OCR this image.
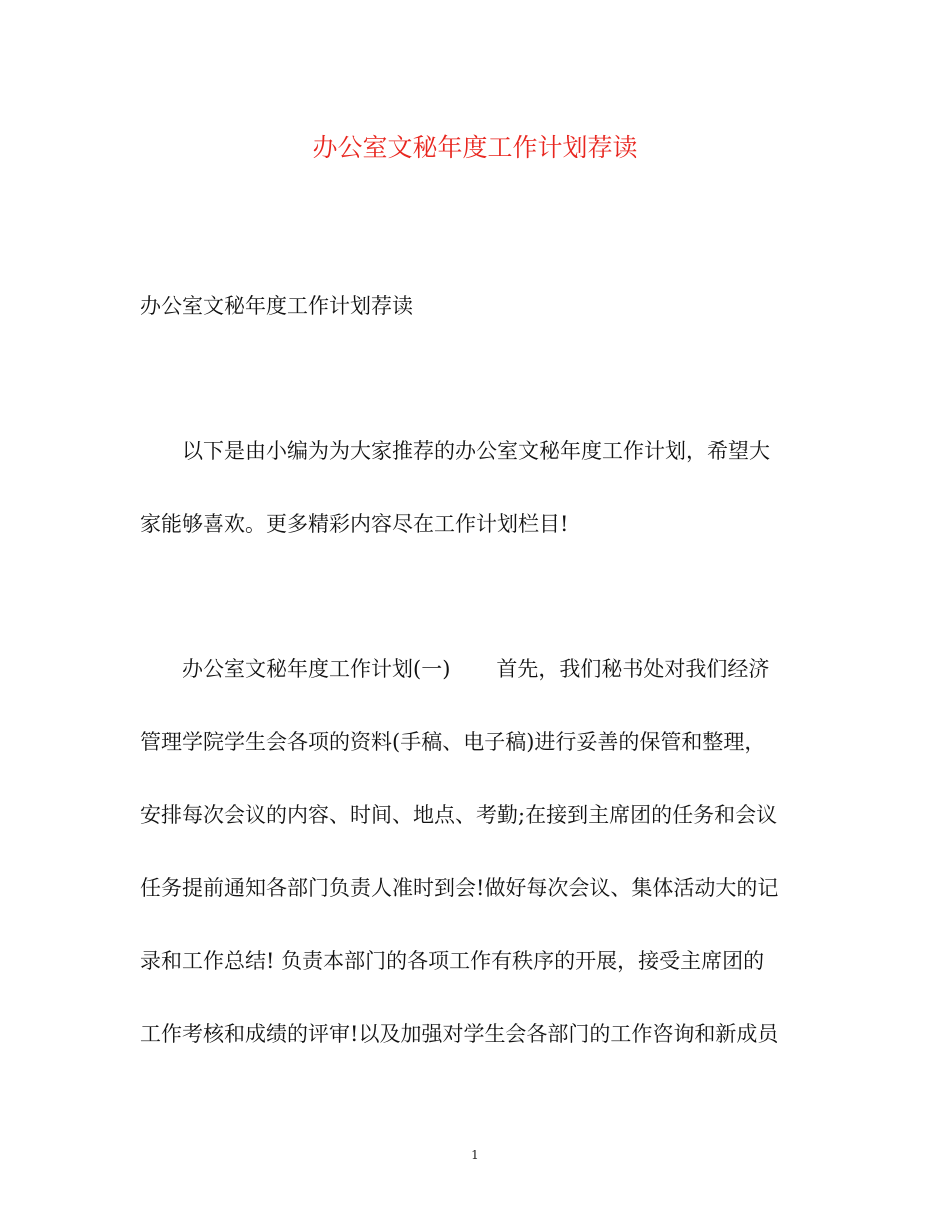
办公室文秘年度工作计划荐读
办公室文秘年度工作计划荐读
以下是由小编为为大家推荐的办公室文秘年度工作计划，希望大
家能够喜欢。更多精彩内容尽在工作计划栏目!
办公室文秘年度工作计划(一) 首先，我们秘书处对我们经济
管理学院学生会各项的资料(手稿、电子稿)进行妥善的保管和整理，
安排每次会议的内容、时间、地点、考勤;在接到主席团的任务和会议
任务提前通知各部门负责人准时到会!做好每次会议、集体活动大的记
录和工作总结! 负责本部门的各项工作有秩序的开展，接受主席团的
工作考核和成绩的评审!以及加强对学生会各部门的工作咨询和新成员
1
